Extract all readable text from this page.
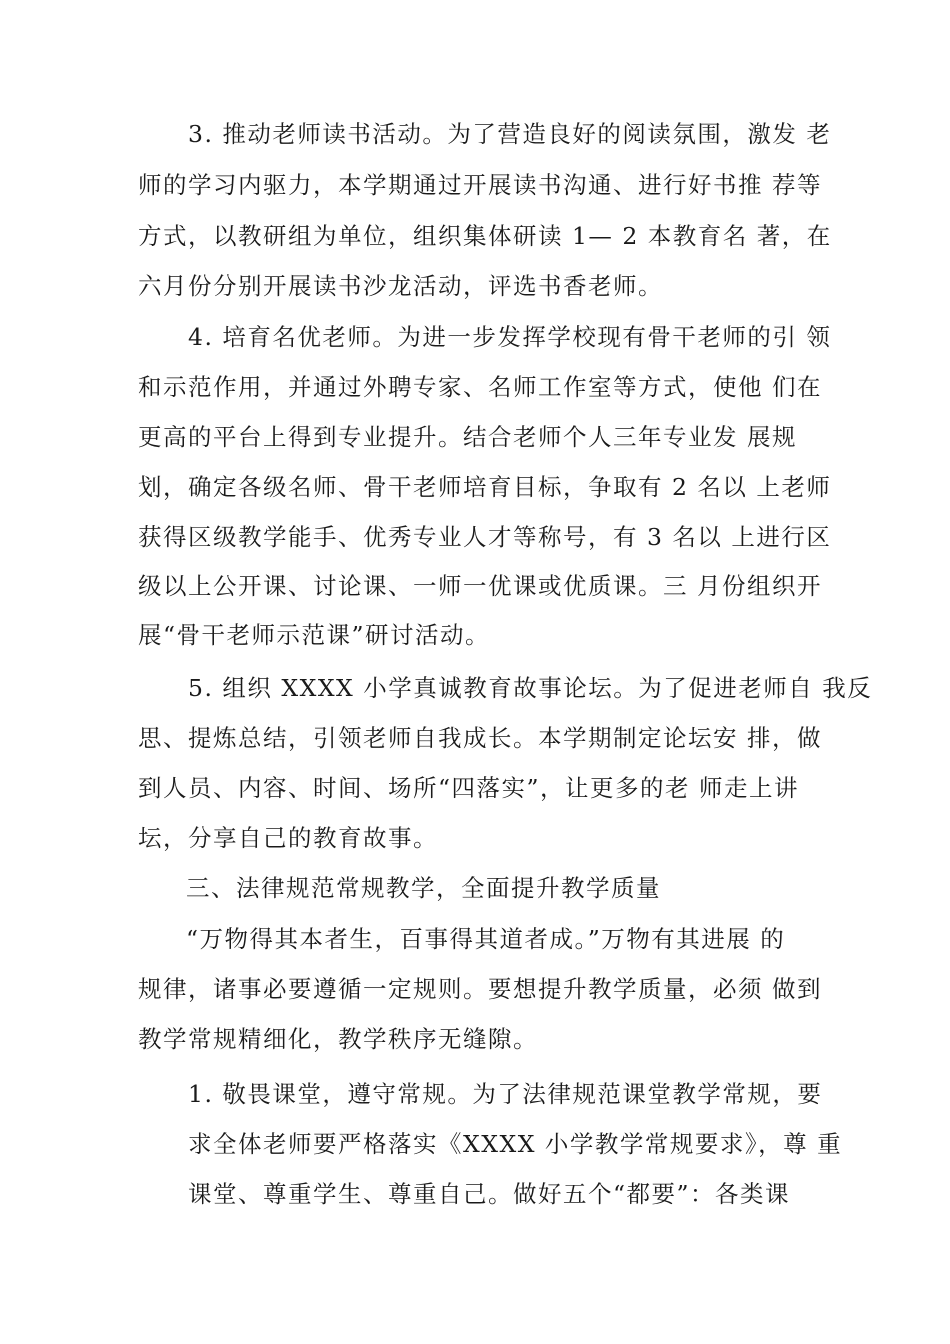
3. 推动老师读书活动。为了营造良好的阅读氛围，激发 老

师的学习内驱力，本学期通过开展读书沟通、进行好书推 荐等

方式，以教研组为单位，组织集体研读 1— 2 本教育名 著，在

六月份分别开展读书沙龙活动，评选书香老师。

4. 培育名优老师。为进一步发挥学校现有骨干老师的引 领

和示范作用，并通过外聘专家、名师工作室等方式，使他 们在

更高的平台上得到专业提升。结合老师个人三年专业发 展规

划，确定各级名师、骨干老师培育目标，争取有 2 名以 上老师

获得区级教学能手、优秀专业人才等称号，有 3 名以 上进行区

级以上公开课、讨论课、一师一优课或优质课。三 月份组织开

展“骨干老师示范课”研讨活动。

5. 组织 XXXX 小学真诚教育故事论坛。为了促进老师自 我反

思、提炼总结，引领老师自我成长。本学期制定论坛安 排，做

到人员、内容、时间、场所“四落实”，让更多的老 师走上讲

坛，分享自己的教育故事。

三、法律规范常规教学，全面提升教学质量

“万物得其本者生，百事得其道者成。”万物有其进展 的

规律，诸事必要遵循一定规则。要想提升教学质量，必须 做到

教学常规精细化，教学秩序无缝隙。

1. 敬畏课堂，遵守常规。为了法律规范课堂教学常规，要

求全体老师要严格落实《XXXX 小学教学常规要求》，尊 重

课堂、尊重学生、尊重自己。做好五个“都要”：各类课
